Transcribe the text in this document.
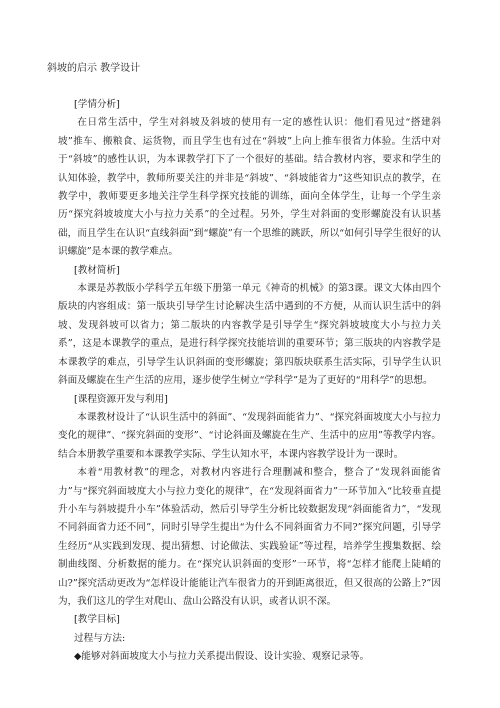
斜坡的启示 教学设计

[学情分析]

在日常生活中，学生对斜坡及斜坡的使用有一定的感性认识：他们看见过“搭建斜坡”推车、搬粮食、运货物，而且学生也有过在“斜坡”上向上推车很省力体验。生活中对于“斜坡”的感性认识，为本课教学打下了一个很好的基础。结合教材内容，要求和学生的认知体验，教学中，教师所要关注的并非是“斜坡”、“斜坡能省力”这些知识点的教学，在教学中，教师要更多地关注学生科学探究技能的训练，面向全体学生，让每一个学生亲历“探究斜坡坡度大小与拉力关系”的全过程。另外，学生对斜面的变形螺旋没有认识基础，而且学生在认识“直线斜面”到“螺旋”有一个思维的跳跃，所以“如何引导学生很好的认识螺旋”是本课的教学难点。

[教材简析]

本课是苏教版小学科学五年级下册第一单元《神奇的机械》的第3课。课文大体由四个版块的内容组成：第一版块引导学生讨论解决生活中遇到的不方便，从而认识生活中的斜坡、发现斜坡可以省力；第二版块的内容教学是引导学生“探究斜坡坡度大小与拉力关系”，这是本课教学的重点，是进行科学探究技能培训的重要环节；第三版块的内容教学是本课教学的难点，引导学生认识斜面的变形螺旋；第四版块联系生活实际，引导学生认识斜面及螺旋在生产生活的应用，逐步使学生树立“学科学”是为了更好的“用科学”的思想。

[课程资源开发与利用]

本课教材设计了“认识生活中的斜面”、“发现斜面能省力”、“探究斜面坡度大小与拉力变化的规律”、“探究斜面的变形”、“讨论斜面及螺旋在生产、生活中的应用”等教学内容。结合本册教学重要和本课教学实际、学生认知水平，本课内容教学设计为一课时。

本着“用教材教”的理念，对教材内容进行合理删减和整合，整合了“发现斜面能省力”与“探究斜面坡度大小与拉力变化的规律”，在“发现斜面省力”一环节加入“比较垂直提升小车与斜坡提升小车”体验活动，然后引导学生分析比较数据发现“斜面能省力”，“发现不同斜面省力还不同”，同时引导学生提出“为什么不同斜面省力不同?”探究问题，引导学生经历“从实践到发现、提出猜想、讨论做法、实践验证”等过程，培养学生搜集数据、绘制曲线图、分析数据的能力。在“探究认识斜面的变形”一环节，将“怎样才能爬上陡峭的山?”探究活动更改为“怎样设计能能让汽车很省力的开到距离很近，但又很高的公路上?”因为，我们这儿的学生对爬山、盘山公路没有认识，或者认识不深。

[教学目标]

过程与方法:

◆能够对斜面坡度大小与拉力关系提出假设、设计实验、观察记录等。
